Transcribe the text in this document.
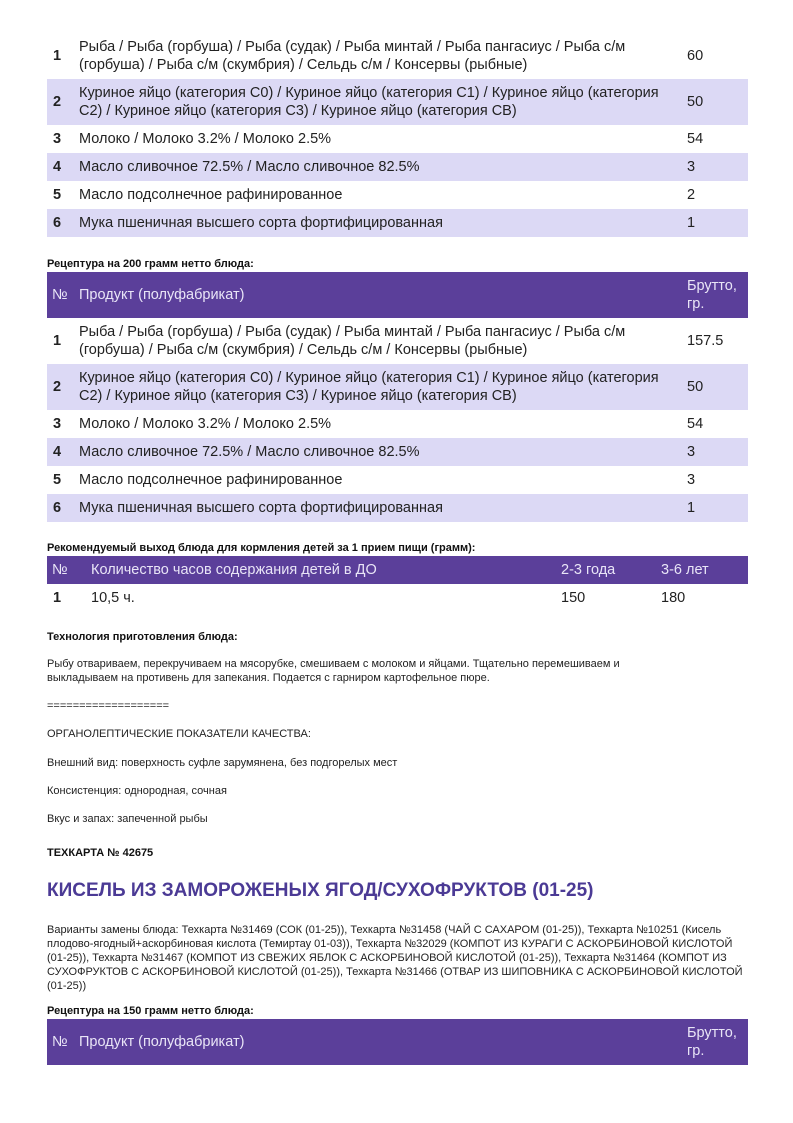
1	Рыба / Рыба (горбуша) / Рыба (судак) / Рыба минтай / Рыба пангасиус / Рыба с/м (горбуша) / Рыба с/м (скумбрия) / Сельдь с/м / Консервы (рыбные)	60
2	Куриное яйцо (категория С0) / Куриное яйцо (категория С1) / Куриное яйцо (категория С2) / Куриное яйцо (категория С3) / Куриное яйцо (категория СВ)	50
3	Молоко / Молоко 3.2% / Молоко 2.5%	54
4	Масло сливочное 72.5% / Масло сливочное 82.5%	3
5	Масло подсолнечное рафинированное	2
6	Мука пшеничная высшего сорта фортифицированная	1
Рецептура на 200 грамм нетто блюда:
№	Продукт (полуфабрикат)	Брутто, гр.
1	Рыба / Рыба (горбуша) / Рыба (судак) / Рыба минтай / Рыба пангасиус / Рыба с/м (горбуша) / Рыба с/м (скумбрия) / Сельдь с/м / Консервы (рыбные)	157.5
2	Куриное яйцо (категория С0) / Куриное яйцо (категория С1) / Куриное яйцо (категория С2) / Куриное яйцо (категория С3) / Куриное яйцо (категория СВ)	50
3	Молоко / Молоко 3.2% / Молоко 2.5%	54
4	Масло сливочное 72.5% / Масло сливочное 82.5%	3
5	Масло подсолнечное рафинированное	3
6	Мука пшеничная высшего сорта фортифицированная	1
Рекомендуемый выход блюда для кормления детей за 1 прием пищи (грамм):
№	Количество часов содержания детей в ДО	2-3 года	3-6 лет
1	10,5 ч.	150	180
Технология приготовления блюда:
Рыбу отвариваем, перекручиваем на мясорубке, смешиваем с молоком и яйцами. Тщательно перемешиваем и выкладываем на противень для запекания. Подается с гарниром картофельное пюре.
===================
ОРГАНОЛЕПТИЧЕСКИЕ ПОКАЗАТЕЛИ КАЧЕСТВА:
Внешний вид: поверхность суфле зарумянена, без подгорелых мест
Консистенция: однородная, сочная
Вкус и запах: запеченной рыбы
ТЕХКАРТА № 42675
КИСЕЛЬ ИЗ ЗАМОРОЖЕНЫХ ЯГОД/СУХОФРУКТОВ (01-25)
Варианты замены блюда: Техкарта №31469 (СОК (01-25)), Техкарта №31458 (ЧАЙ С САХАРОМ (01-25)), Техкарта №10251 (Кисель плодово-ягодный+аскорбиновая кислота (Темиртау 01-03)), Техкарта №32029 (КОМПОТ ИЗ КУРАГИ С АСКОРБИНОВОЙ КИСЛОТОЙ (01-25)), Техкарта №31467 (КОМПОТ ИЗ СВЕЖИХ ЯБЛОК С АСКОРБИНОВОЙ КИСЛОТОЙ (01-25)), Техкарта №31464 (КОМПОТ ИЗ СУХОФРУКТОВ С АСКОРБИНОВОЙ КИСЛОТОЙ (01-25)), Техкарта №31466 (ОТВАР ИЗ ШИПОВНИКА С АСКОРБИНОВОЙ КИСЛОТОЙ (01-25))
Рецептура на 150 грамм нетто блюда:
№	Продукт (полуфабрикат)	Брутто, гр.
